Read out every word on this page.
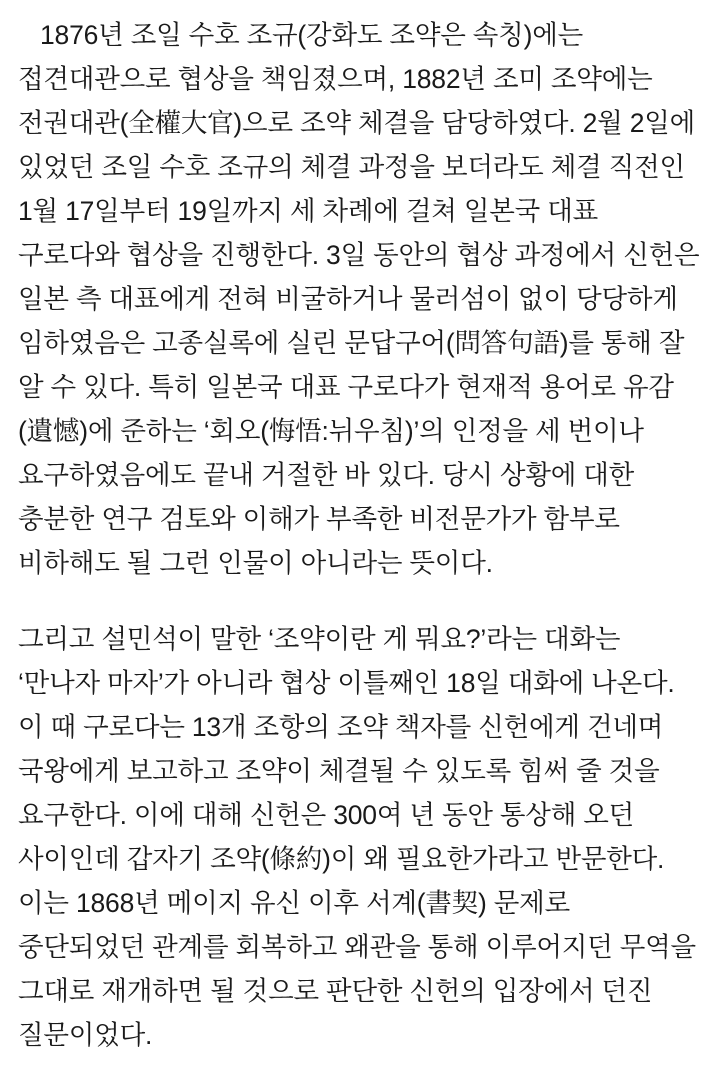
1876년 조일 수호 조규(강화도 조약은 속칭)에는 접견대관으로 협상을 책임졌으며, 1882년 조미 조약에는 전권대관(全權大官)으로 조약 체결을 담당하였다. 2월 2일에 있었던 조일 수호 조규의 체결 과정을 보더라도 체결 직전인 1월 17일부터 19일까지 세 차례에 걸쳐 일본국 대표 구로다와 협상을 진행한다. 3일 동안의 협상 과정에서 신헌은 일본 측 대표에게 전혀 비굴하거나 물러섬이 없이 당당하게 임하였음은 고종실록에 실린 문답구어(問答句語)를 통해 잘 알 수 있다. 특히 일본국 대표 구로다가 현재적 용어로 유감(遺憾)에 준하는 ‘회오(悔悟:뉘우침)’의 인정을 세 번이나 요구하였음에도 끝내 거절한 바 있다. 당시 상황에 대한 충분한 연구 검토와 이해가 부족한 비전문가가 함부로 비하해도 될 그런 인물이 아니라는 뜻이다.

그리고 설민석이 말한 ‘조약이란 게 뭐요?’라는 대화는 ‘만나자 마자’가 아니라 협상 이틀째인 18일 대화에 나온다. 이 때 구로다는 13개 조항의 조약 책자를 신헌에게 건네며 국왕에게 보고하고 조약이 체결될 수 있도록 힘써 줄 것을 요구한다. 이에 대해 신헌은 300여 년 동안 통상해 오던 사이인데 갑자기 조약(條約)이 왜 필요한가라고 반문한다. 이는 1868년 메이지 유신 이후 서계(書契) 문제로 중단되었던 관계를 회복하고 왜관을 통해 이루어지던 무역을 그대로 재개하면 될 것으로 판단한 신헌의 입장에서 던진 질문이었다.
